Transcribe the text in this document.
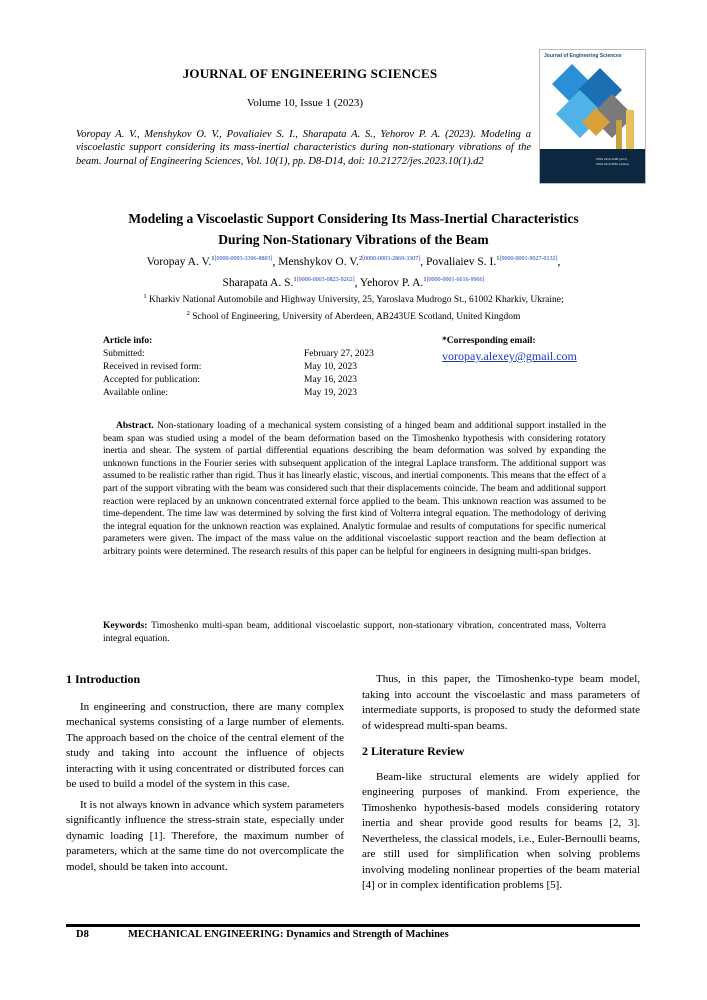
JOURNAL OF ENGINEERING SCIENCES
Volume 10, Issue 1 (2023)
Voropay A. V., Menshykov O. V., Povaliaiev S. I., Sharapata A. S., Yehorov P. A. (2023). Modeling a viscoelastic support considering its mass-inertial characteristics during non-stationary vibrations of the beam. Journal of Engineering Sciences, Vol. 10(1), pp. D8-D14, doi: 10.21272/jes.2023.10(1).d2
Journal of Engineering Sciences
ISSN 2312-2498 (print)
ISSN 2414-9381 (online)
Modeling a Viscoelastic Support Considering Its Mass-Inertial Characteristics
During Non-Stationary Vibrations of the Beam
Voropay A. V.$^{1[0000-0003-3396-8803]}$, Menshykov O. V.$^{2[0000-0003-2869-3307]}$, Povaliaiev S. I.$^{1[0000-0001-9027-0132]}$,
Sharapata A. S.$^{1[0000-0003-0823-9262]}$, Yehorov P. A.$^{1[0000-0001-6616-9966]}$
$^1$ Kharkiv National Automobile and Highway University, 25, Yaroslava Mudrogo St., 61002 Kharkiv, Ukraine;
$^2$ School of Engineering, University of Aberdeen, AB243UE Scotland, United Kingdom
Article info:
Submitted:	February 27, 2023
Received in revised form:	May 10, 2023
Accepted for publication:	May 16, 2023
Available online:	May 19, 2023
*Corresponding email:
voropay.alexey@gmail.com
Abstract. Non-stationary loading of a mechanical system consisting of a hinged beam and additional support installed in the beam span was studied using a model of the beam deformation based on the Timoshenko hypothesis with considering rotatory inertia and shear. The system of partial differential equations describing the beam deformation was solved by expanding the unknown functions in the Fourier series with subsequent application of the integral Laplace transform. The additional support was assumed to be realistic rather than rigid. Thus it has linearly elastic, viscous, and inertial components. This means that the effect of a part of the support vibrating with the beam was considered such that their displacements coincide. The beam and additional support reaction were replaced by an unknown concentrated external force applied to the beam. This unknown reaction was assumed to be time-dependent. The time law was determined by solving the first kind of Volterra integral equation. The methodology of deriving the integral equation for the unknown reaction was explained. Analytic formulae and results of computations for specific numerical parameters were given. The impact of the mass value on the additional viscoelastic support reaction and the beam deflection at arbitrary points were determined. The research results of this paper can be helpful for engineers in designing multi-span bridges.
Keywords: Timoshenko multi-span beam, additional viscoelastic support, non-stationary vibration, concentrated mass, Volterra integral equation.
1 Introduction

In engineering and construction, there are many complex mechanical systems consisting of a large number of elements. The approach based on the choice of the central element of the study and taking into account the influence of objects interacting with it using concentrated or distributed forces can be used to build a model of the system in this case.

It is not always known in advance which system parameters significantly influence the stress-strain state, especially under dynamic loading [1]. Therefore, the maximum number of parameters, which at the same time do not overcomplicate the model, should be taken into account.

Thus, in this paper, the Timoshenko-type beam model, taking into account the viscoelastic and mass parameters of intermediate supports, is proposed to study the deformed state of widespread multi-span beams.

2 Literature Review

Beam-like structural elements are widely applied for engineering purposes of mankind. From experience, the Timoshenko hypothesis-based models considering rotatory inertia and shear provide good results for beams [2, 3]. Nevertheless, the classical models, i.e., Euler-Bernoulli beams, are still used for simplification when solving problems involving modeling nonlinear properties of the beam material [4] or in complex identification problems [5].

D8	MECHANICAL ENGINEERING: Dynamics and Strength of Machines
